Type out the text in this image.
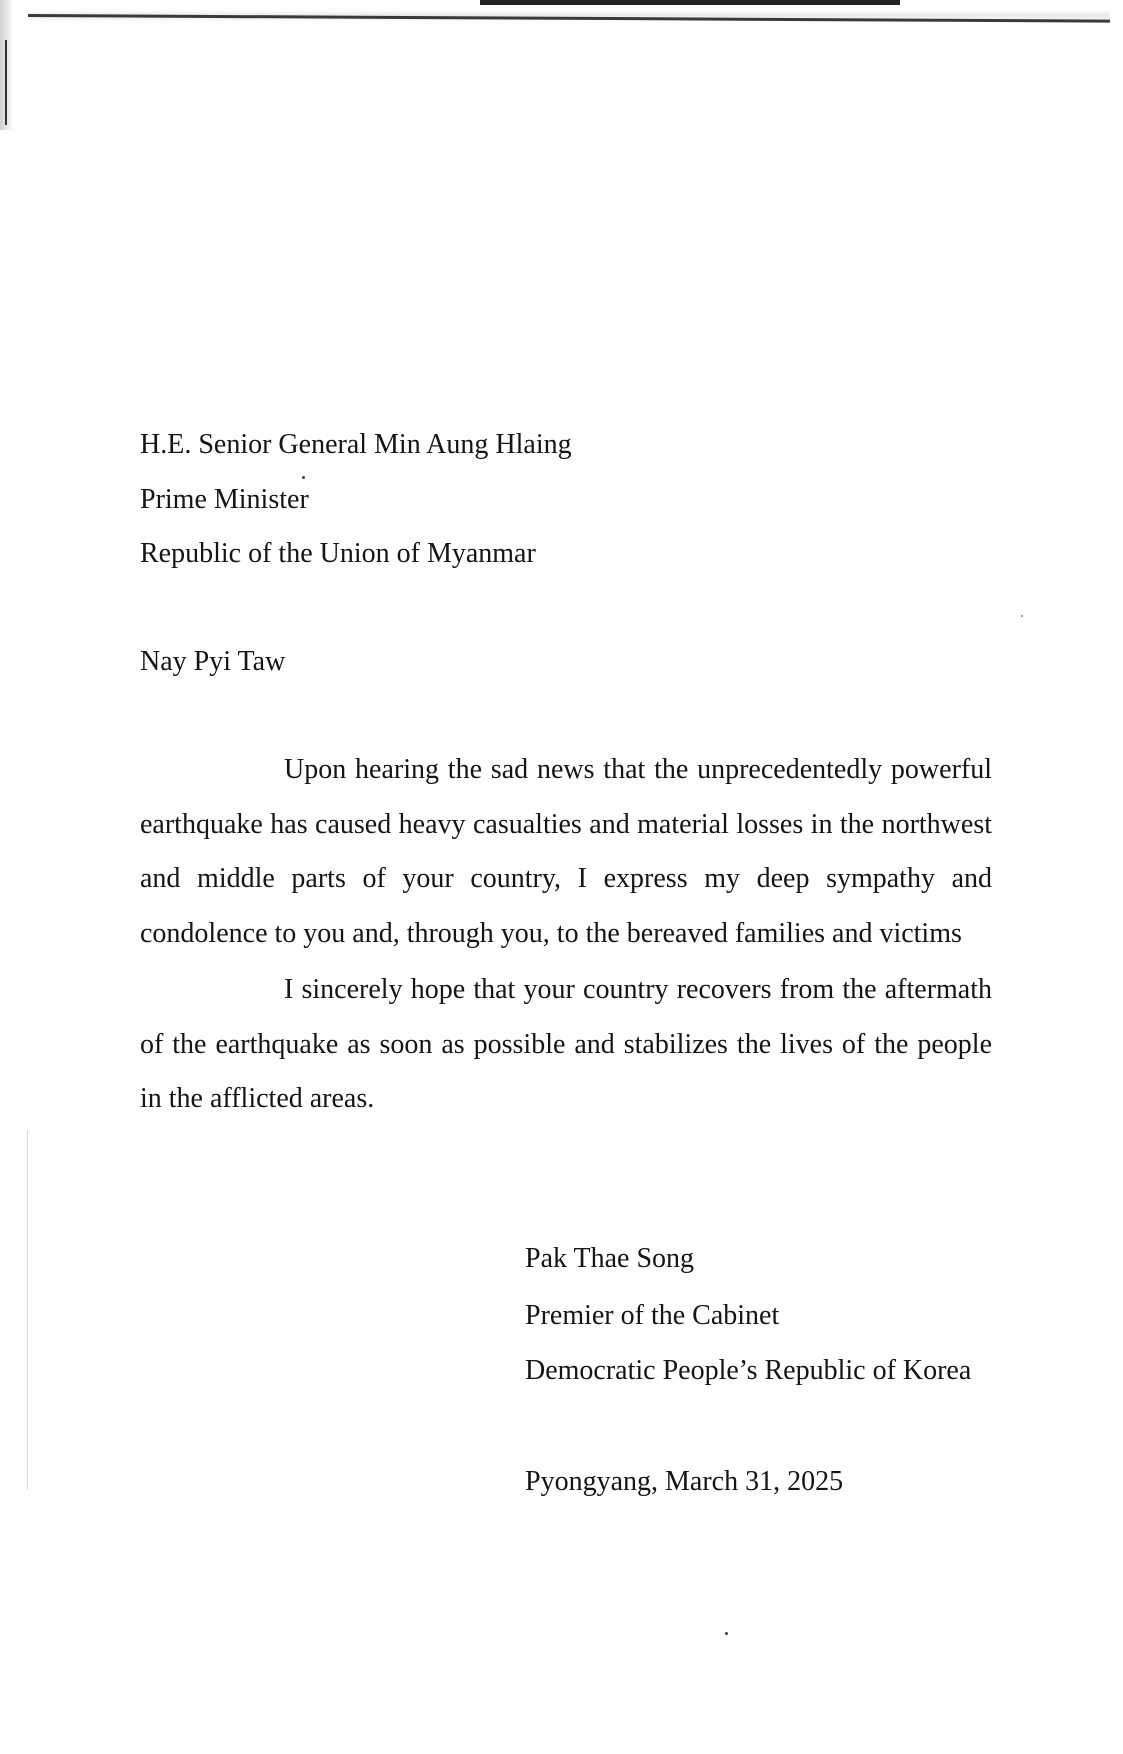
H.E. Senior General Min Aung Hlaing

Prime Minister

Republic of the Union of Myanmar

Nay Pyi Taw

Upon hearing the sad news that the unprecedentedly powerful earthquake has caused heavy casualties and material losses in the northwest and middle parts of your country, I express my deep sympathy and condolence to you and, through you, to the bereaved families and victims

I sincerely hope that your country recovers from the aftermath of the earthquake as soon as possible and stabilizes the lives of the people in the afflicted areas.

Pak Thae Song

Premier of the Cabinet

Democratic People’s Republic of Korea

Pyongyang, March 31, 2025
